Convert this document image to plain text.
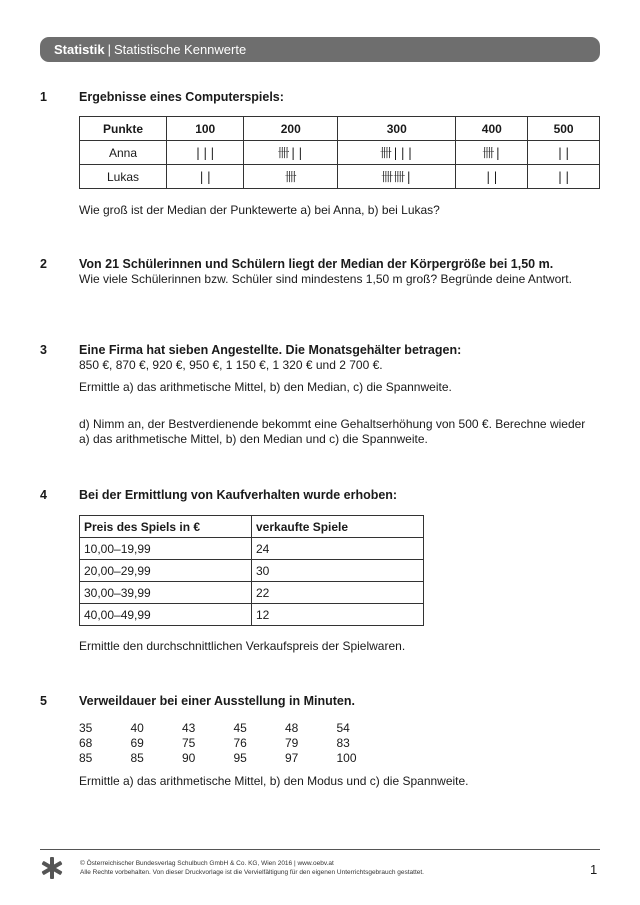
Statistik | Statistische Kennwerte
1	Ergebnisse eines Computerspiels:
Punkte	100	200	300	400	500
Anna	|||	卌||	卌|||	卌|	||
Lukas	||	卌	卌卌|	||	||
Wie groß ist der Median der Punktewerte a) bei Anna, b) bei Lukas?
2	Von 21 Schülerinnen und Schülern liegt der Median der Körpergröße bei 1,50 m.
Wie viele Schülerinnen bzw. Schüler sind mindestens 1,50 m groß? Begründe deine Antwort.
3	Eine Firma hat sieben Angestellte. Die Monatsgehälter betragen:
850 €, 870 €, 920 €, 950 €, 1 150 €, 1 320 € und 2 700 €.
Ermittle a) das arithmetische Mittel, b) den Median, c) die Spannweite.
d) Nimm an, der Bestverdienende bekommt eine Gehaltserhöhung von 500 €. Berechne wieder
a) das arithmetische Mittel, b) den Median und c) die Spannweite.
4	Bei der Ermittlung von Kaufverhalten wurde erhoben:
Preis des Spiels in €	verkaufte Spiele
10,00–19,99	24
20,00–29,99	30
30,00–39,99	22
40,00–49,99	12
Ermittle den durchschnittlichen Verkaufspreis der Spielwaren.
5	Verweildauer bei einer Ausstellung in Minuten.
35	40	43	45	48	54
68	69	75	76	79	83
85	85	90	95	97	100
Ermittle a) das arithmetische Mittel, b) den Modus und c) die Spannweite.
© Österreichischer Bundesverlag Schulbuch GmbH & Co. KG, Wien 2016 | www.oebv.at
Alle Rechte vorbehalten. Von dieser Druckvorlage ist die Vervielfältigung für den eigenen Unterrichtsgebrauch gestattet.	1
